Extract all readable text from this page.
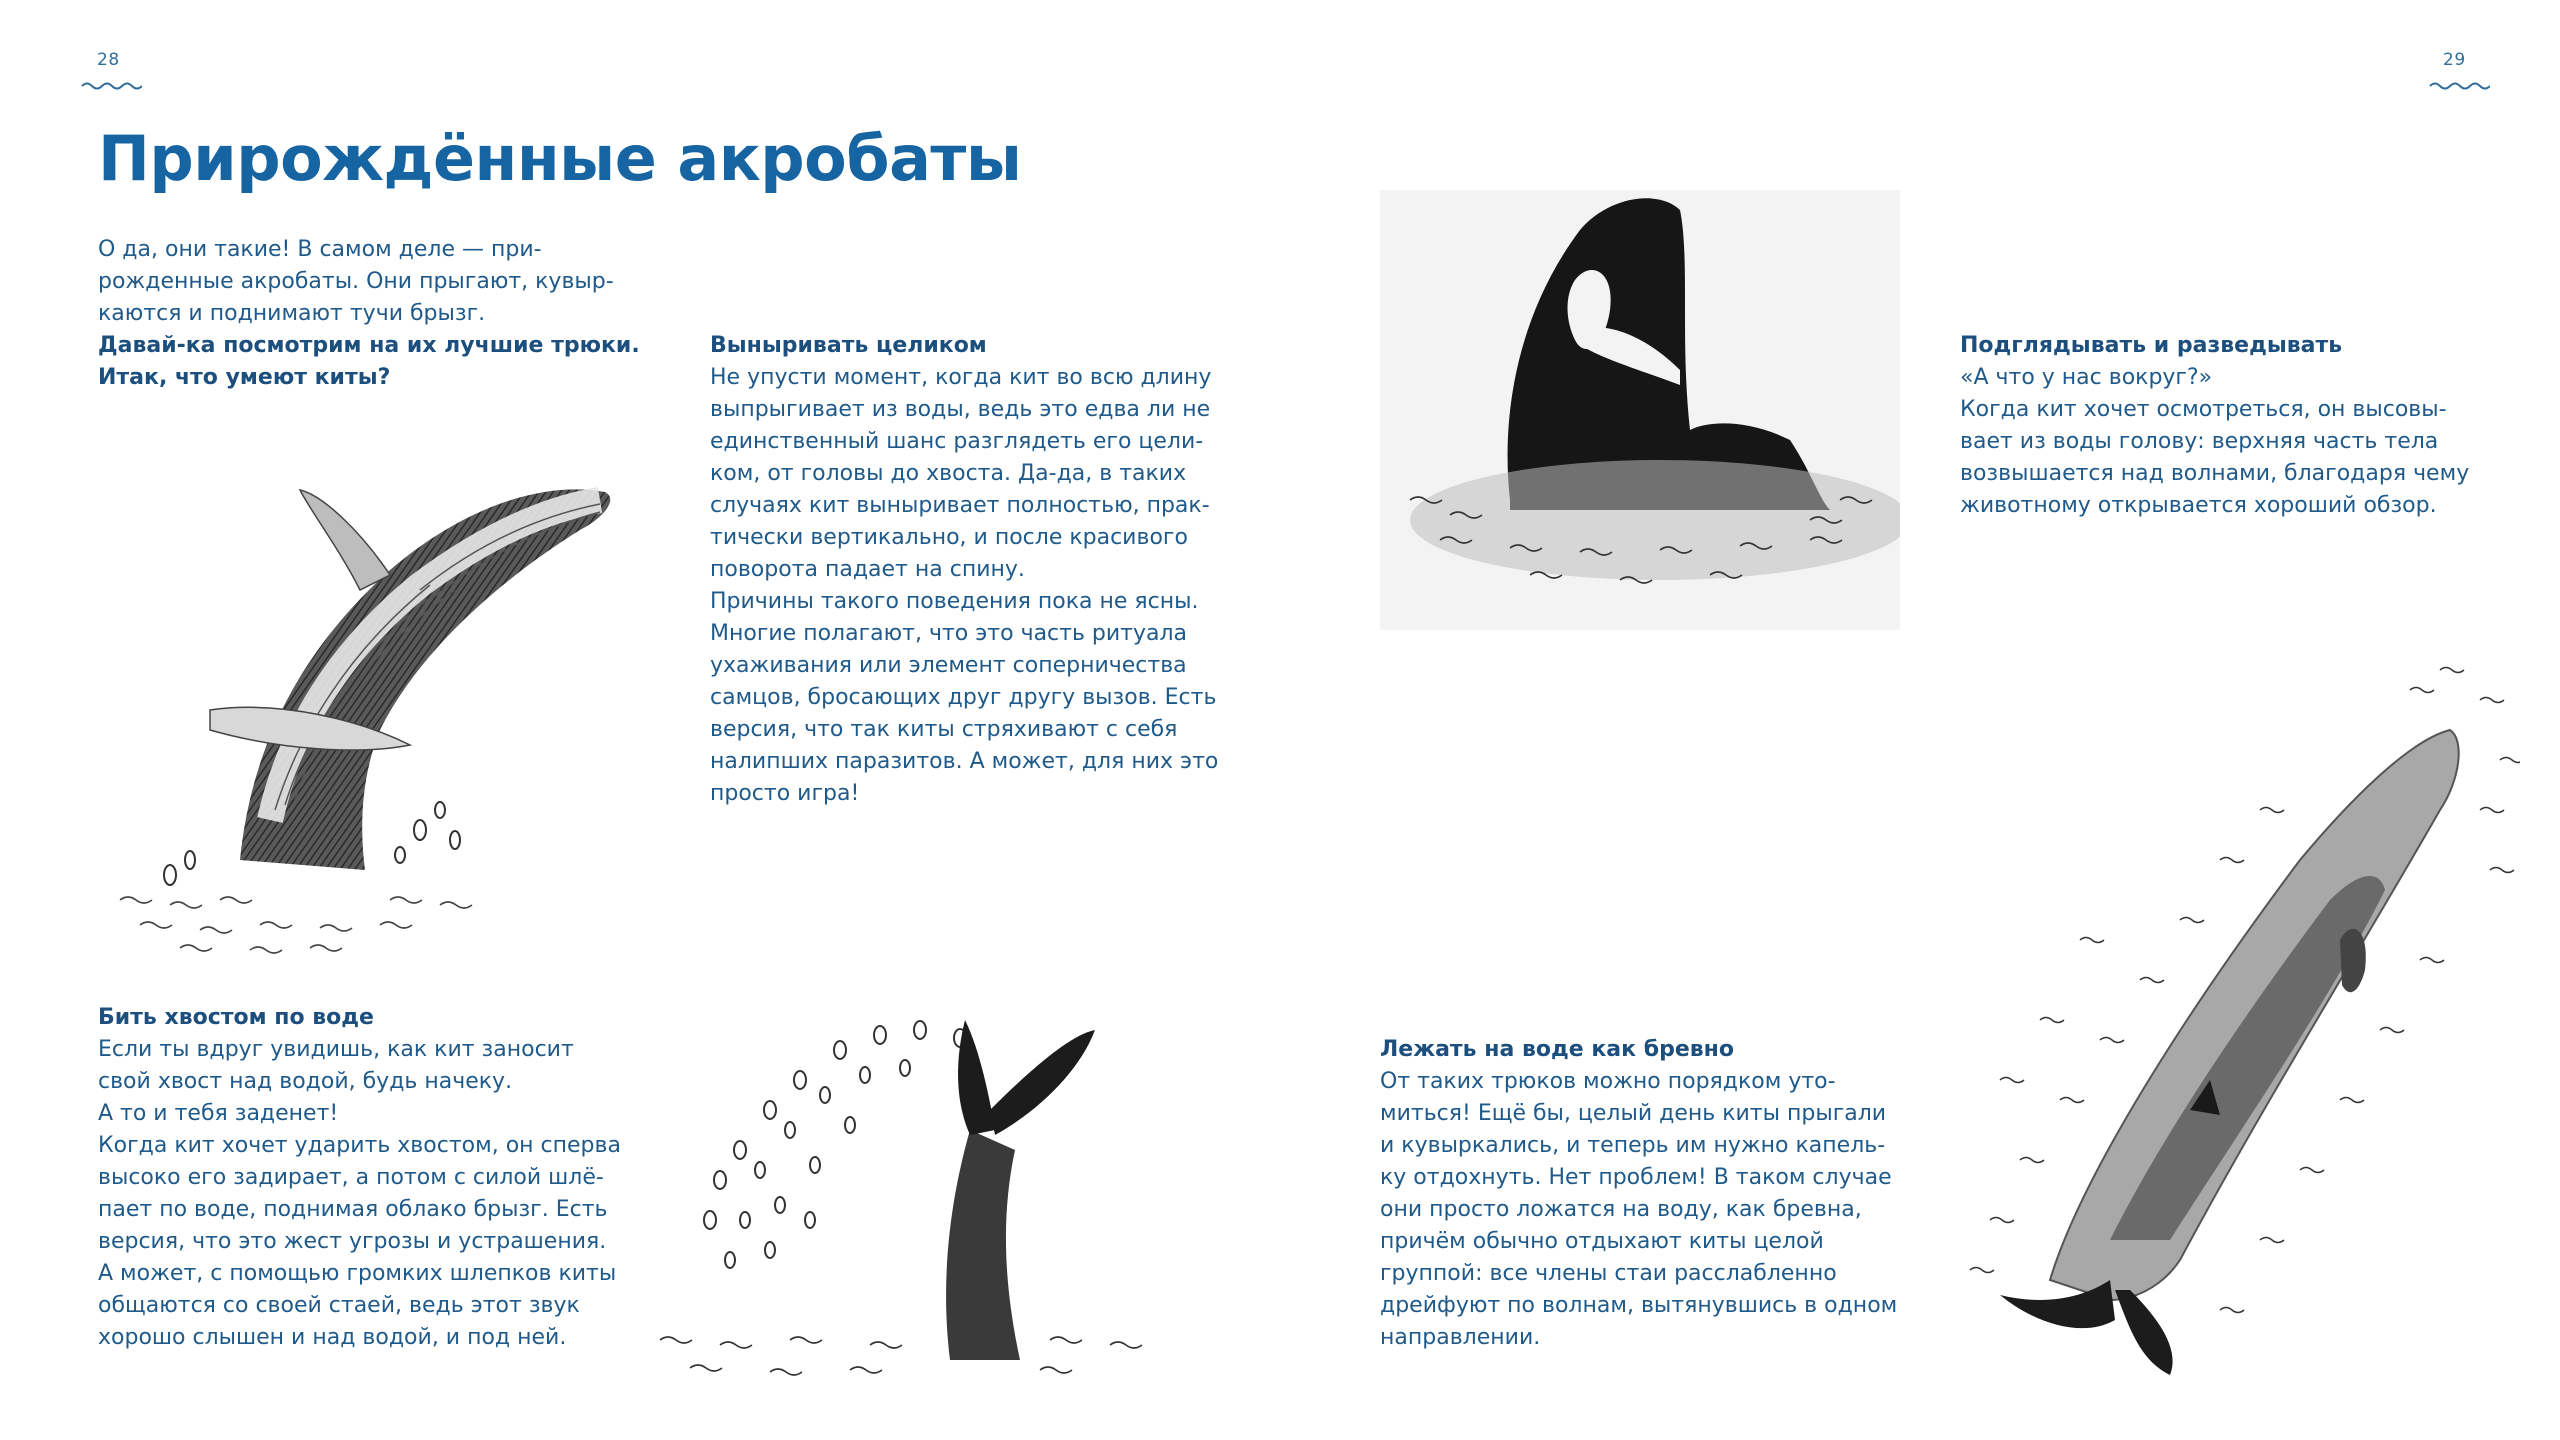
28	29
Прирождённые акробаты
О да, они такие! В самом деле — при-
рожденные акробаты. Они прыгают, кувыр-
каются и поднимают тучи брызг.
Давай-ка посмотрим на их лучшие трюки.
Итак, что умеют киты?
Выныривать целиком
Не упусти момент, когда кит во всю длину
выпрыгивает из воды, ведь это едва ли не
единственный шанс разглядеть его цели-
ком, от головы до хвоста. Да-да, в таких
случаях кит выныривает полностью, прак-
тически вертикально, и после красивого
поворота падает на спину.
Причины такого поведения пока не ясны.
Многие полагают, что это часть ритуала
ухаживания или элемент соперничества
самцов, бросающих друг другу вызов. Есть
версия, что так киты стряхивают с себя
налипших паразитов. А может, для них это
просто игра!
Подглядывать и разведывать
«А что у нас вокруг?»
Когда кит хочет осмотреться, он высовы-
вает из воды голову: верхняя часть тела
возвышается над волнами, благодаря чему
животному открывается хороший обзор.
Бить хвостом по воде
Если ты вдруг увидишь, как кит заносит
свой хвост над водой, будь начеку.
А то и тебя заденет!
Когда кит хочет ударить хвостом, он сперва
высоко его задирает, а потом с силой шлё-
пает по воде, поднимая облако брызг. Есть
версия, что это жест угрозы и устрашения.
А может, с помощью громких шлепков киты
общаются со своей стаей, ведь этот звук
хорошо слышен и над водой, и под ней.
Лежать на воде как бревно
От таких трюков можно порядком уто-
миться! Ещё бы, целый день киты прыгали
и кувыркались, и теперь им нужно капель-
ку отдохнуть. Нет проблем! В таком случае
они просто ложатся на воду, как бревна,
причём обычно отдыхают киты целой
группой: все члены стаи расслабленно
дрейфуют по волнам, вытянувшись в одном
направлении.
